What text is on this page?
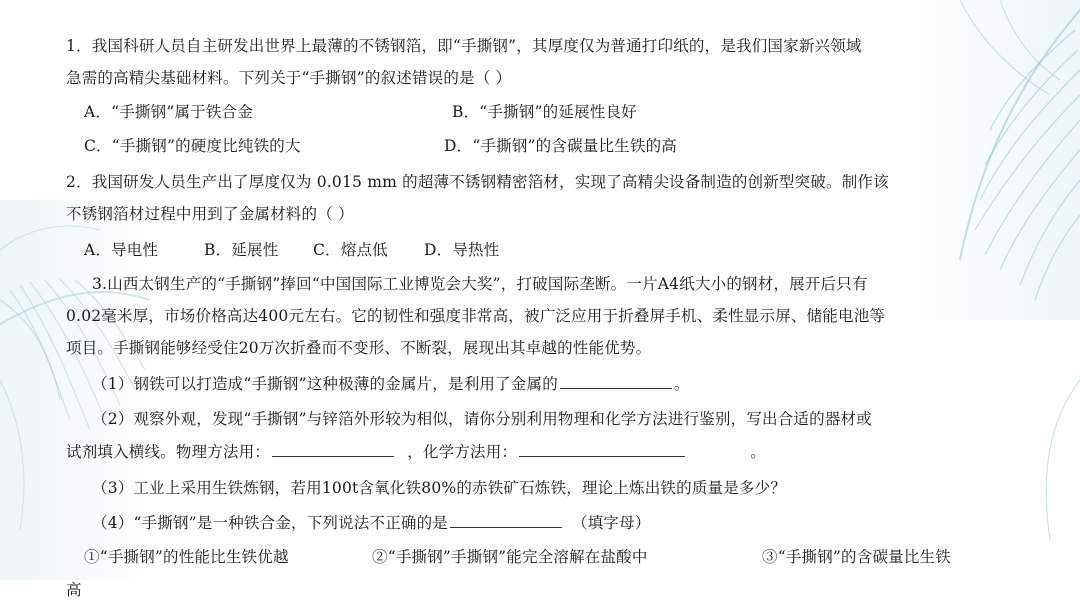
1．我国科研人员自主研发出世界上最薄的不锈钢箔，即“手撕钢”，其厚度仅为普通打印纸的，是我们国家新兴领域
急需的高精尖基础材料。下列关于“手撕钢”的叙述错误的是（ ）
A．“手撕钢”属于铁合金	B．“手撕钢”的延展性良好
C．“手撕钢”的硬度比纯铁的大	D．“手撕钢”的含碳量比生铁的高
2．我国研发人员生产出了厚度仅为 0.015 mm 的超薄不锈钢精密箔材，实现了高精尖设备制造的创新型突破。制作该
不锈钢箔材过程中用到了金属材料的（ ）
A．导电性	B．延展性 C．熔点低 D．导热性
3.山西太钢生产的“手撕钢”捧回“中国国际工业博览会大奖”，打破国际垄断。一片A4纸大小的钢材，展开后只有
0.02毫米厚，市场价格高达400元左右。它的韧性和强度非常高，被广泛应用于折叠屏手机、柔性显示屏、储能电池等
项目。手撕钢能够经受住20万次折叠而不变形、不断裂，展现出其卓越的性能优势。
（1）钢铁可以打造成“手撕钢”这种极薄的金属片，是利用了金属的	。
（2）观察外观，发现“手撕钢”与锌箔外形较为相似，请你分别利用物理和化学方法进行鉴别，写出合适的器材或
试剂填入横线。物理方法用：	，化学方法用：	。
（3）工业上采用生铁炼钢，若用100t含氧化铁80%的赤铁矿石炼铁，理论上炼出铁的质量是多少？
（4）“手撕钢”是一种铁合金，下列说法不正确的是	（填字母）
①“手撕钢”的性能比生铁优越	②“手撕钢”手撕钢”能完全溶解在盐酸中	③“手撕钢”的含碳量比生铁
高
